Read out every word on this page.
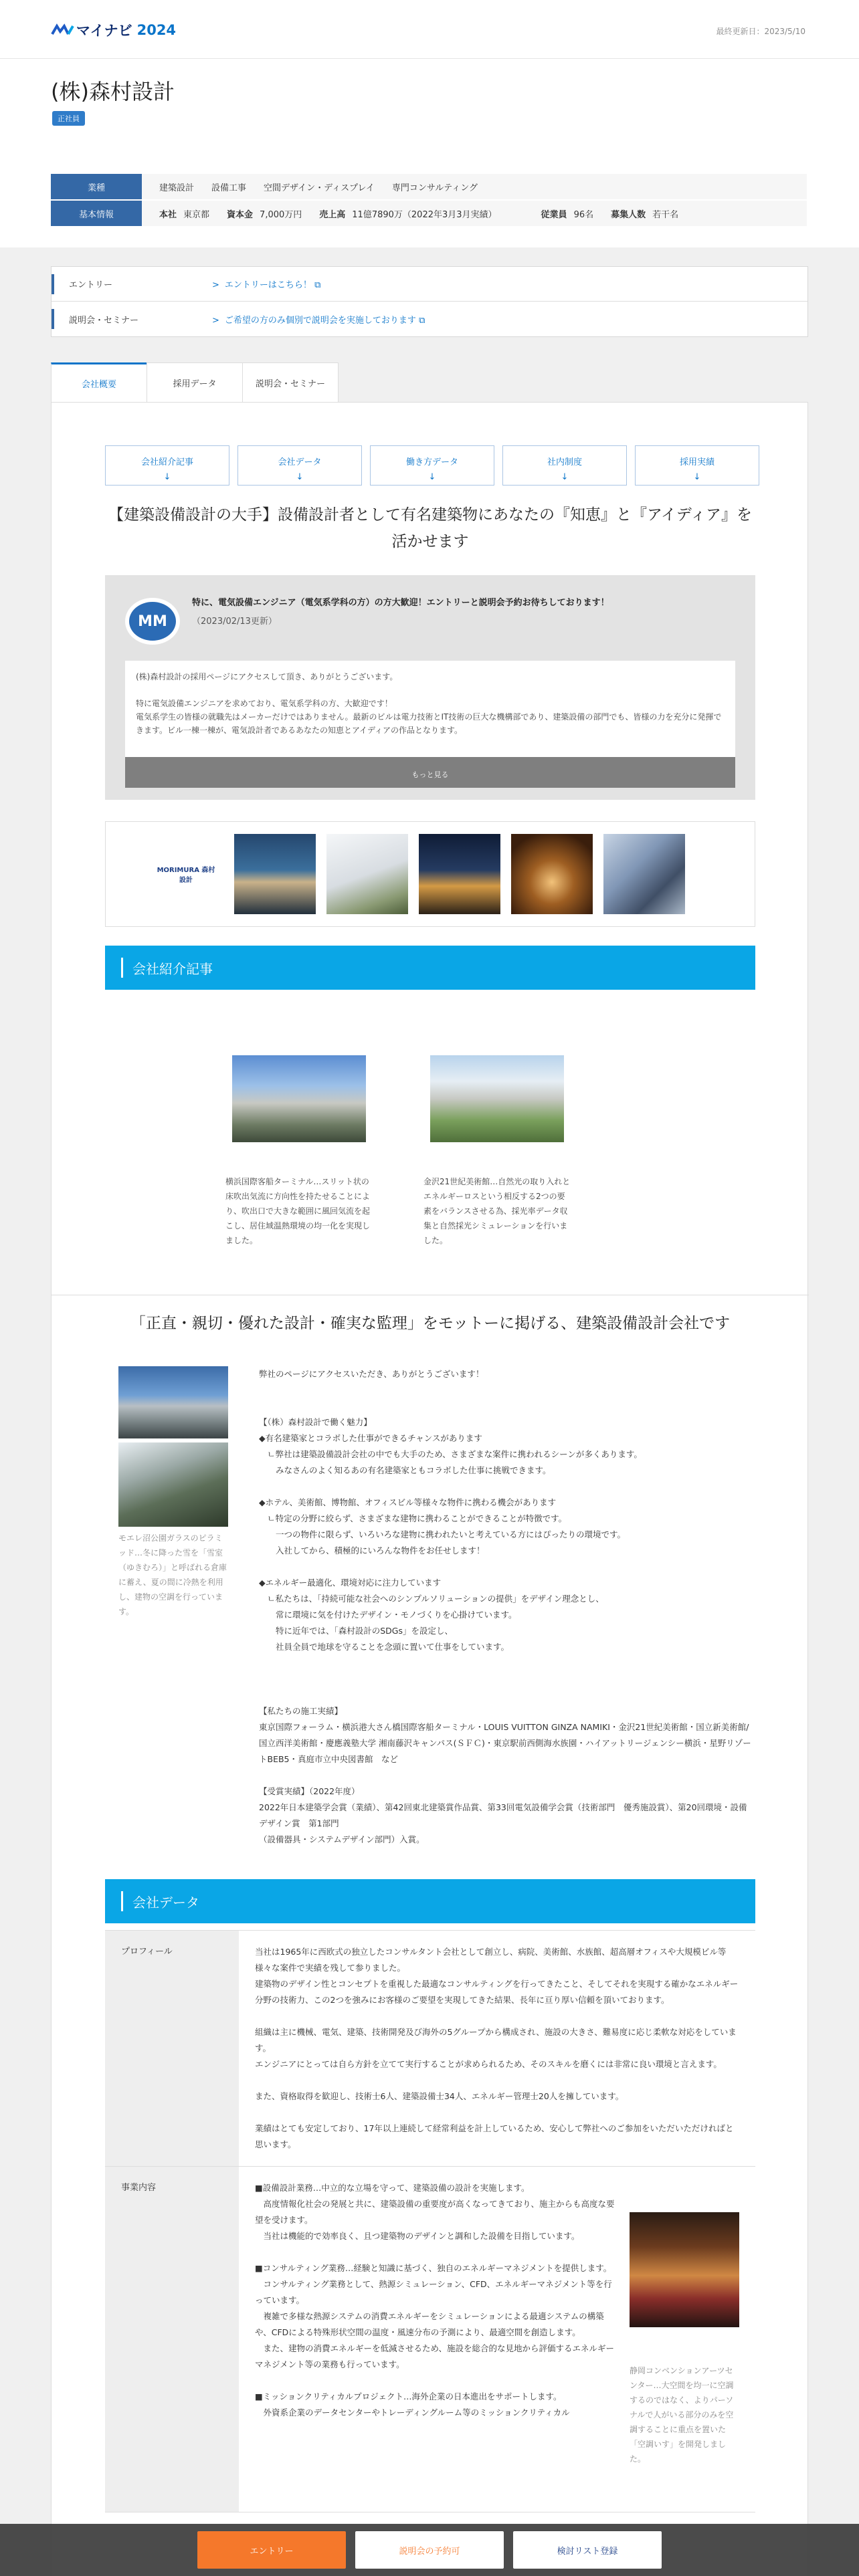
マイナビ 2024	最終更新日：2023/5/10
(株)森村設計
正社員
業種	建築設計 設備工事 空間デザイン・ディスプレイ 専門コンサルティング
基本情報	本社 東京都 資本金 7,000万円 売上高 11億7890万（2022年3月3月実績）	従業員 96名 募集人数 若干名
エントリー	> エントリーはこちら！ ⧉
説明会・セミナー	> ご希望の方のみ個別で説明会を実施しております ⧉
会社概要	採用データ	説明会・セミナー
会社紹介記事
↓
会社データ
↓
働き方データ
↓
社内制度
↓
採用実績
↓
【建築設備設計の大手】設備設計者として有名建築物にあなたの『知恵』と『アイディア』を活かせます
MM
特に、電気設備エンジニア（電気系学科の方）の方大歓迎！エントリーと説明会予約お待ちしております！ （2023/02/13更新）
(株)森村設計の採用ページにアクセスして頂き、ありがとうございます。

特に電気設備エンジニアを求めており、電気系学科の方、大歓迎です！
電気系学生の皆様の就職先はメーカーだけではありません。最新のビルは電力技術とIT技術の巨大な機構部であり、建築設備の部門でも、皆様の力を充分に発揮できます。ビル一棟一棟が、電気設計者であるあなたの知恵とアイディアの作品となります。
もっと見る
MORIMURA 森村設計
会社紹介記事

横浜国際客船ターミナル…スリット状の床吹出気流に方向性を持たせることにより、吹出口で大きな範囲に風回気流を起こし、居住域温熱環境の均一化を実現しました。

金沢21世紀美術館…自然光の取り入れとエネルギーロスという相反する2つの要素をバランスさせる為、採光率データ収集と自然採光シミュレーションを行いました。

「正直・親切・優れた設計・確実な監理」をモットーに掲げる、建築設備設計会社です

モエレ沼公園ガラスのピラミッド…冬に降った雪を「雪室（ゆきむろ）」と呼ばれる倉庫に蓄え、夏の間に冷熱を利用し、建物の空調を行っています。

弊社のページにアクセスいただき、ありがとうございます！

【（株）森村設計で働く魅力】
◆有名建築家とコラボした仕事ができるチャンスがあります
　ㄴ弊社は建築設備設計会社の中でも大手のため、さまざまな案件に携われるシーンが多くあります。
　　みなさんのよく知るあの有名建築家ともコラボした仕事に挑戦できます。

◆ホテル、美術館、博物館、オフィスビル等様々な物件に携わる機会があります
　ㄴ特定の分野に絞らず、さまざまな建物に携わることができることが特徴です。
　　一つの物件に限らず、いろいろな建物に携われたいと考えている方にはぴったりの環境です。
　　入社してから、積極的にいろんな物件をお任せします！

◆エネルギー最適化、環境対応に注力しています
　ㄴ私たちは、「持続可能な社会へのシンプルソリューションの提供」をデザイン理念とし、
　　常に環境に気を付けたデザイン・モノづくりを心掛けています。
　　特に近年では、「森村設計のSDGs」を設定し、
　　社員全員で地球を守ることを念頭に置いて仕事をしています。

【私たちの施工実績】
東京国際フォーラム・横浜港大さん橋国際客船ターミナル・LOUIS VUITTON GINZA NAMIKI・金沢21世紀美術館・国立新美術館/国立西洋美術館・慶應義塾大学 湘南藤沢キャンパス(ＳＦＣ)・東京駅前西側海水族園・ハイアットリージェンシー横浜・星野リゾートBEB5・真庭市立中央図書館　など

【受賞実績】（2022年度）
2022年日本建築学会賞（業績）、第42回東北建築賞作品賞、第33回電気設備学会賞（技術部門　優秀施設賞）、第20回環境・設備デザイン賞　第1部門
（設備器具・システムデザイン部門）入賞。
会社データ
プロフィール	当社は1965年に西欧式の独立したコンサルタント会社として創立し、病院、美術館、水族館、超高層オフィスや大規模ビル等様々な案件で実績を残して参りました。
建築物のデザイン性とコンセプトを重視した最適なコンサルティングを行ってきたこと、そしてそれを実現する確かなエネルギー分野の技術力、この2つを強みにお客様のご要望を実現してきた結果、長年に亘り厚い信頼を頂いております。

組織は主に機械、電気、建築、技術開発及び海外の5グループから構成され、施設の大きさ、難易度に応じ柔軟な対応をしています。
エンジニアにとっては自ら方針を立てて実行することが求められるため、そのスキルを磨くには非常に良い環境と言えます。

また、資格取得を歓迎し、技術士6人、建築設備士34人、エネルギー管理士20人を擁しています。

業績はとても安定しており、17年以上連続して経常利益を計上しているため、安心して弊社へのご参加をいただいただければと思います。
事業内容	■設備設計業務…中立的な立場を守って、建築設備の設計を実施します。
　高度情報化社会の発展と共に、建築設備の重要度が高くなってきており、施主からも高度な要望を受けます。
　当社は機能的で効率良く、且つ建築物のデザインと調和した設備を目指しています。

■コンサルティング業務…経験と知識に基づく、独自のエネルギーマネジメントを提供します。
　コンサルティング業務として、熱源シミュレーション、CFD、エネルギーマネジメント等を行っています。
　複雑で多様な熱源システムの消費エネルギーをシミュレーションによる最適システムの構築や、CFDによる特殊形状空間の温度・風速分布の予測により、最適空間を創造します。
　また、建物の消費エネルギーを低減させるため、施設を総合的な見地から評価するエネルギーマネジメント等の業務も行っています。

■ミッションクリティカルプロジェクト…海外企業の日本進出をサポートします。
　外資系企業のデータセンターやトレーディングルーム等のミッションクリティカル

静岡コンベンションアーツセンター…大空間を均一に空調するのではなく、よりパーソナルで人がいる部分のみを空調することに重点を置いた「空調いす」を開発しました。

エントリー	説明会の予約可	検討リスト登録
